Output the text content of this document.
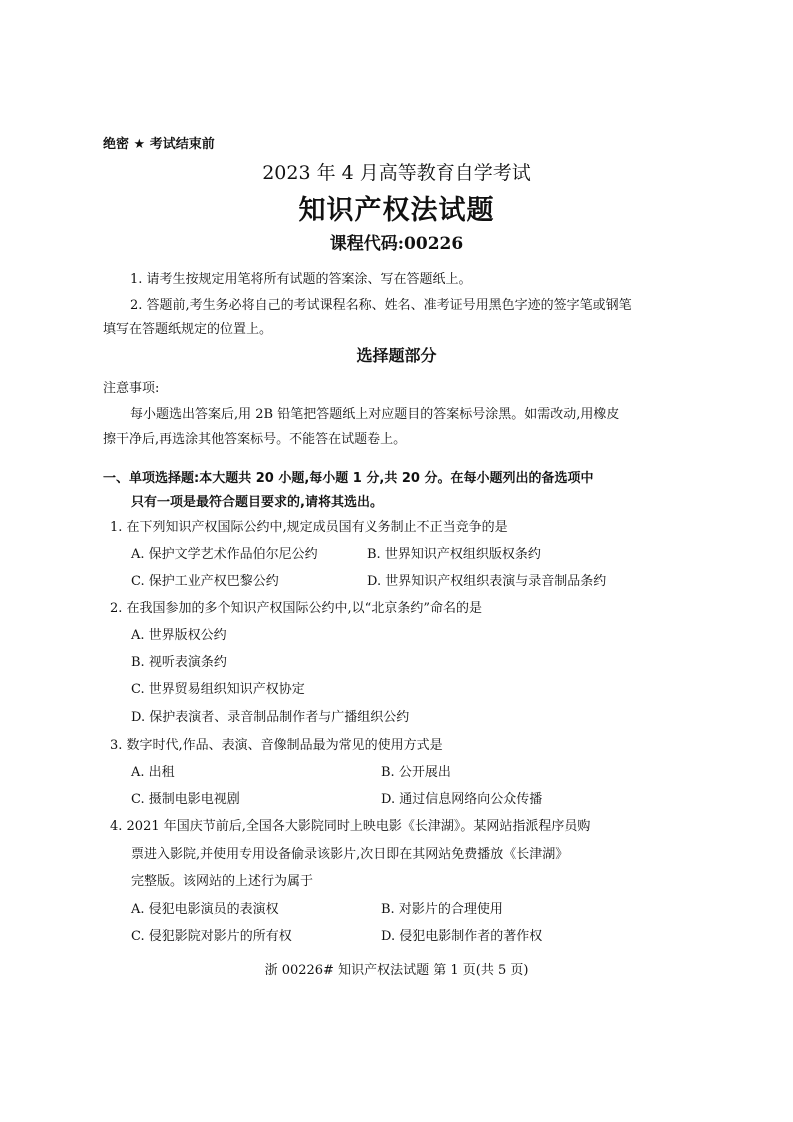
绝密 ★ 考试结束前
2023 年 4 月高等教育自学考试
知识产权法试题
课程代码:00226
1. 请考生按规定用笔将所有试题的答案涂、写在答题纸上。
2. 答题前,考生务必将自己的考试课程名称、姓名、准考证号用黑色字迹的签字笔或钢笔
填写在答题纸规定的位置上。
选择题部分
注意事项:
每小题选出答案后,用 2B 铅笔把答题纸上对应题目的答案标号涂黑。如需改动,用橡皮
擦干净后,再选涂其他答案标号。不能答在试题卷上。
一、单项选择题:本大题共 20 小题,每小题 1 分,共 20 分。在每小题列出的备选项中
只有一项是最符合题目要求的,请将其选出。
1. 在下列知识产权国际公约中,规定成员国有义务制止不正当竞争的是
A. 保护文学艺术作品伯尔尼公约	B. 世界知识产权组织版权条约
C. 保护工业产权巴黎公约	D. 世界知识产权组织表演与录音制品条约
2. 在我国参加的多个知识产权国际公约中,以“北京条约”命名的是
A. 世界版权公约
B. 视听表演条约
C. 世界贸易组织知识产权协定
D. 保护表演者、录音制品制作者与广播组织公约
3. 数字时代,作品、表演、音像制品最为常见的使用方式是
A. 出租	B. 公开展出
C. 摄制电影电视剧	D. 通过信息网络向公众传播
4. 2021 年国庆节前后,全国各大影院同时上映电影《长津湖》。某网站指派程序员购
票进入影院,并使用专用设备偷录该影片,次日即在其网站免费播放《长津湖》
完整版。该网站的上述行为属于
A. 侵犯电影演员的表演权	B. 对影片的合理使用
C. 侵犯影院对影片的所有权	D. 侵犯电影制作者的著作权
浙 00226# 知识产权法试题 第 1 页(共 5 页)
